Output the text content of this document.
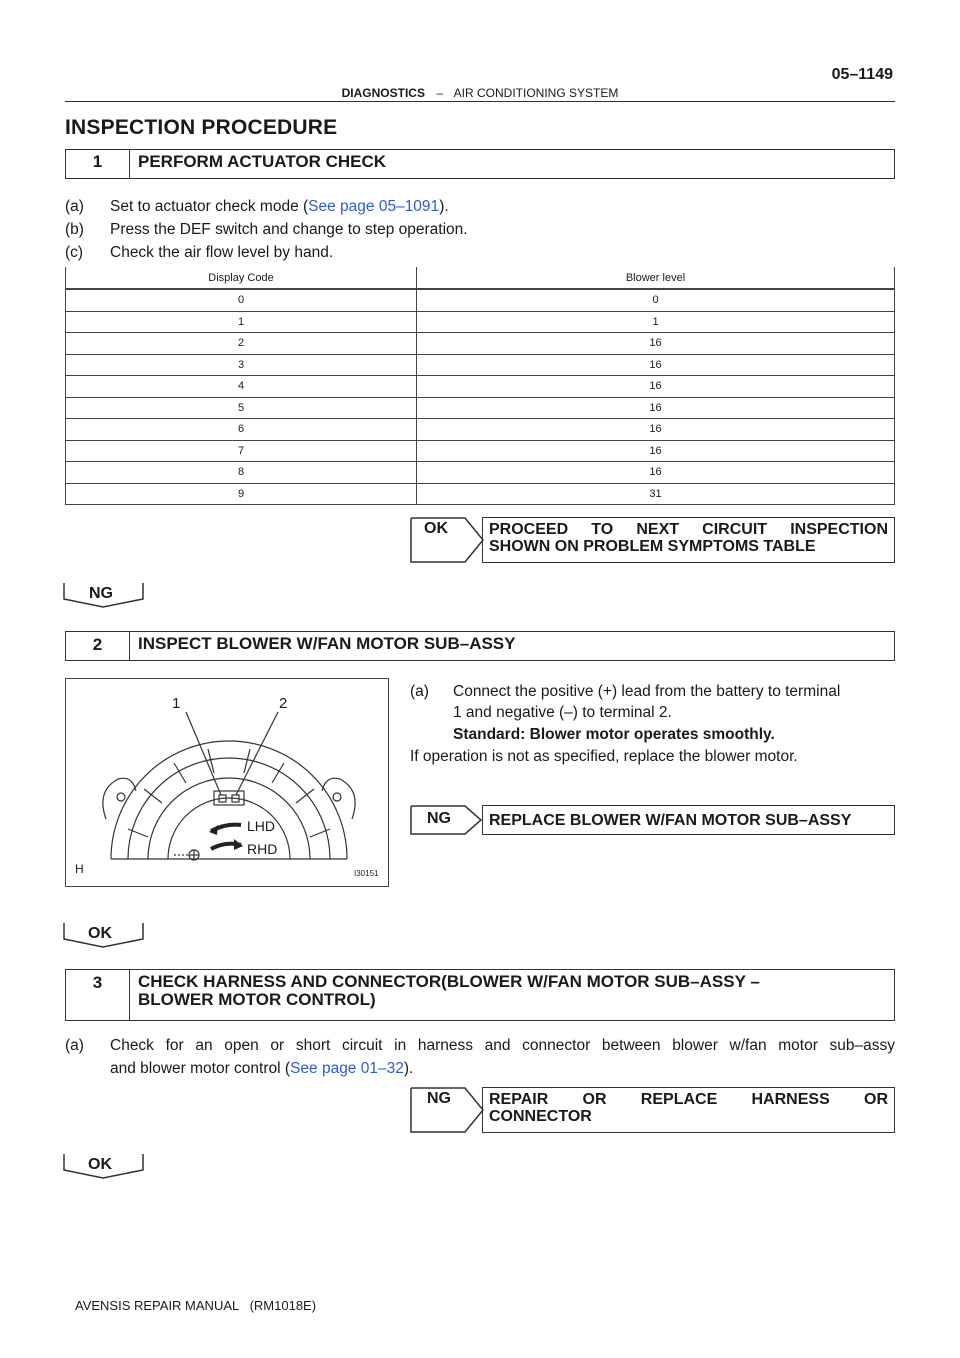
05–1149
DIAGNOSTICS – AIR CONDITIONING SYSTEM
INSPECTION PROCEDURE
1	PERFORM ACTUATOR CHECK
(a) Set to actuator check mode (See page 05–1091).
(b) Press the DEF switch and change to step operation.
(c) Check the air flow level by hand.
Display Code	Blower level
0	0
1	1
2	16
3	16
4	16
5	16
6	16
7	16
8	16
9	31
OK	PROCEED TO NEXT CIRCUIT INSPECTION
SHOWN ON PROBLEM SYMPTOMS TABLE
NG
2	INSPECT BLOWER W/FAN MOTOR SUB–ASSY
1	2
LHD
RHD
H	I30151
(a) Connect the positive (+) lead from the battery to terminal
1 and negative (–) to terminal 2.
Standard: Blower motor operates smoothly.
If operation is not as specified, replace the blower motor.
NG	REPLACE BLOWER W/FAN MOTOR SUB–ASSY
OK
3	CHECK HARNESS AND CONNECTOR(BLOWER W/FAN MOTOR SUB–ASSY –
BLOWER MOTOR CONTROL)
(a) Check for an open or short circuit in harness and connector between blower w/fan motor sub–assy
and blower motor control (See page 01–32).
NG REPAIR OR REPLACE HARNESS OR
CONNECTOR
OK
AVENSIS REPAIR MANUAL   (RM1018E)
